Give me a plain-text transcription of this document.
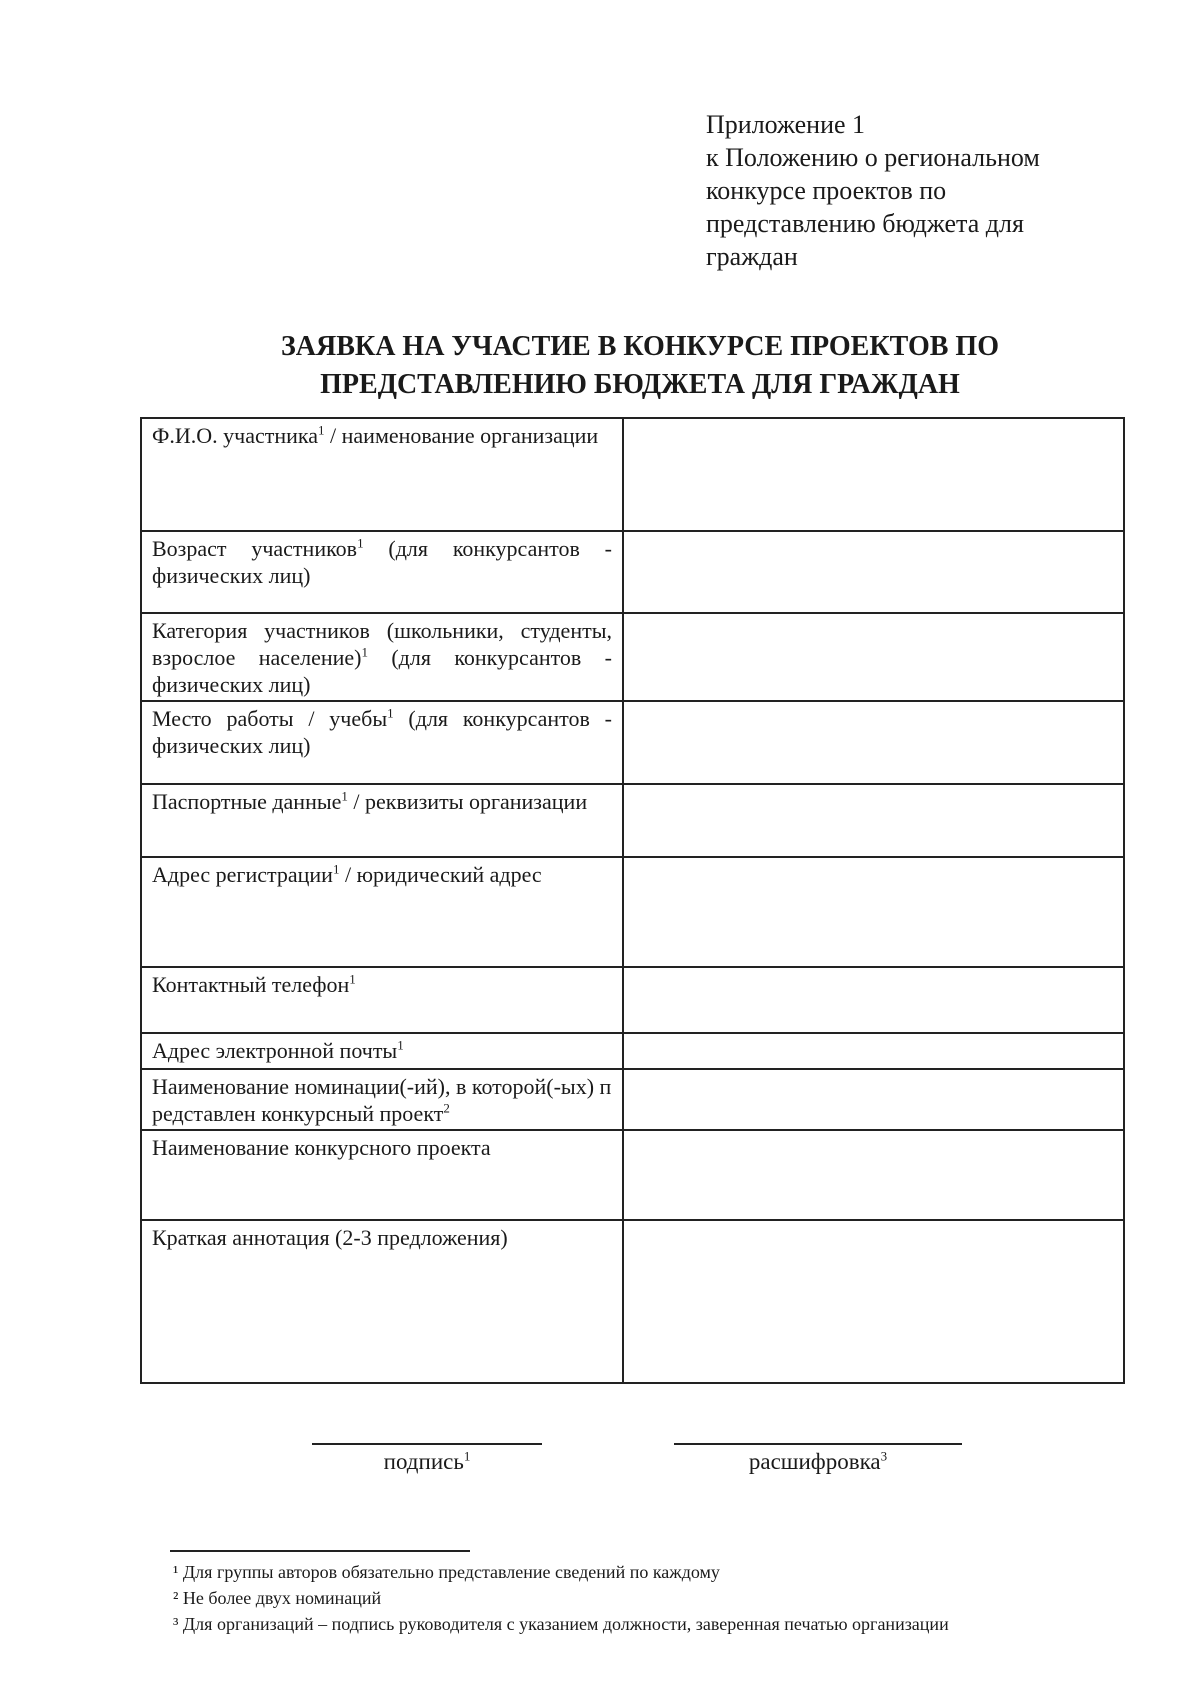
Приложение 1
к Положению о региональном
конкурсе проектов по
представлению бюджета для
граждан
ЗАЯВКА НА УЧАСТИЕ В КОНКУРСЕ ПРОЕКТОВ ПО
ПРЕДСТАВЛЕНИЮ БЮДЖЕТА ДЛЯ ГРАЖДАН
Ф.И.О. участника$^1$ / наименование организации	
Возраст участников$^1$ (для конкурсантов - физических лиц)	
Категория участников (школьники, студенты, взрослое население)$^1$ (для конкурсантов - физических лиц)	
Место работы / учебы$^1$ (для конкурсантов - физических лиц)	
Паспортные данные$^1$ / реквизиты организации	
Адрес регистрации$^1$ / юридический адрес	
Контактный телефон$^1$	
Адрес электронной почты$^1$	
Наименование номинации(-ий), в которой(-ых) представлен конкурсный проект$^2$	
Наименование конкурсного проекта	
Краткая аннотация (2-3 предложения)	
подпись$^1$	расшифровка$^3$
¹ Для группы авторов обязательно представление сведений по каждому
² Не более двух номинаций
³ Для организаций – подпись руководителя с указанием должности, заверенная печатью организации
